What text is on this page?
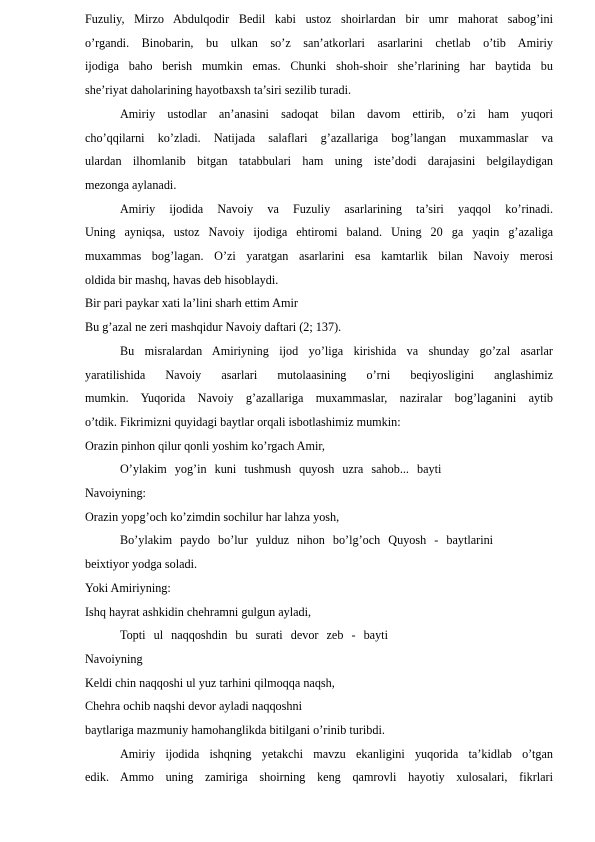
Fuzuliy, Mirzo Abdulqodir Bedil kabi ustoz shoirlardan bir umr mahorat sabog’ini
o’rgandi. Binobarin, bu ulkan so’z san’atkorlari asarlarini chetlab o’tib Amiriy
ijodiga baho berish mumkin emas. Chunki shoh-shoir she’rlarining har baytida bu
she’riyat daholarining hayotbaxsh ta’siri sezilib turadi.
Amiriy ustodlar an’anasini sadoqat bilan davom ettirib, o’zi ham yuqori
cho’qqilarni ko’zladi. Natijada salaflari g’azallariga bog’langan muxammaslar va
ulardan ilhomlanib bitgan tatabbulari ham uning iste’dodi darajasini belgilaydigan
mezonga aylanadi.
Amiriy ijodida Navoiy va Fuzuliy asarlarining ta’siri yaqqol ko’rinadi.
Uning ayniqsa, ustoz Navoiy ijodiga ehtiromi baland. Uning 20 ga yaqin g’azaliga
muxammas bog’lagan. O’zi yaratgan asarlarini esa kamtarlik bilan Navoiy merosi
oldida bir mashq, havas deb hisoblaydi.
Bir pari paykar xati la’lini sharh ettim Amir
Bu g’azal ne zeri mashqidur Navoiy daftari (2; 137).
Bu misralardan Amiriyning ijod yo’liga kirishida va shunday go’zal asarlar
yaratilishida Navoiy asarlari mutolaasining o’rni beqiyosligini anglashimiz
mumkin. Yuqorida Navoiy g’azallariga muxammaslar, naziralar bog’laganini aytib
o’tdik. Fikrimizni quyidagi baytlar orqali isbotlashimiz mumkin:
Orazin pinhon qilur qonli yoshim ko’rgach Amir,
O’ylakim yog’in kuni tushmush quyosh uzra sahob... bayti
Navoiyning:
Orazin yopg’och ko’zimdin sochilur har lahza yosh,
Bo’ylakim paydo bo’lur yulduz nihon bo’lg’och Quyosh - baytlarini
beixtiyor yodga soladi.
Yoki Amiriyning:
Ishq hayrat ashkidin chehramni gulgun ayladi,
Topti ul naqqoshdin bu surati devor zeb - bayti
Navoiyning
Keldi chin naqqoshi ul yuz tarhini qilmoqqa naqsh,
Chehra ochib naqshi devor ayladi naqqoshni
baytlariga mazmuniy hamohanglikda bitilgani o’rinib turibdi.
Amiriy ijodida ishqning yetakchi mavzu ekanligini yuqorida ta’kidlab o’tgan
edik. Ammo uning zamiriga shoirning keng qamrovli hayotiy xulosalari, fikrlari
